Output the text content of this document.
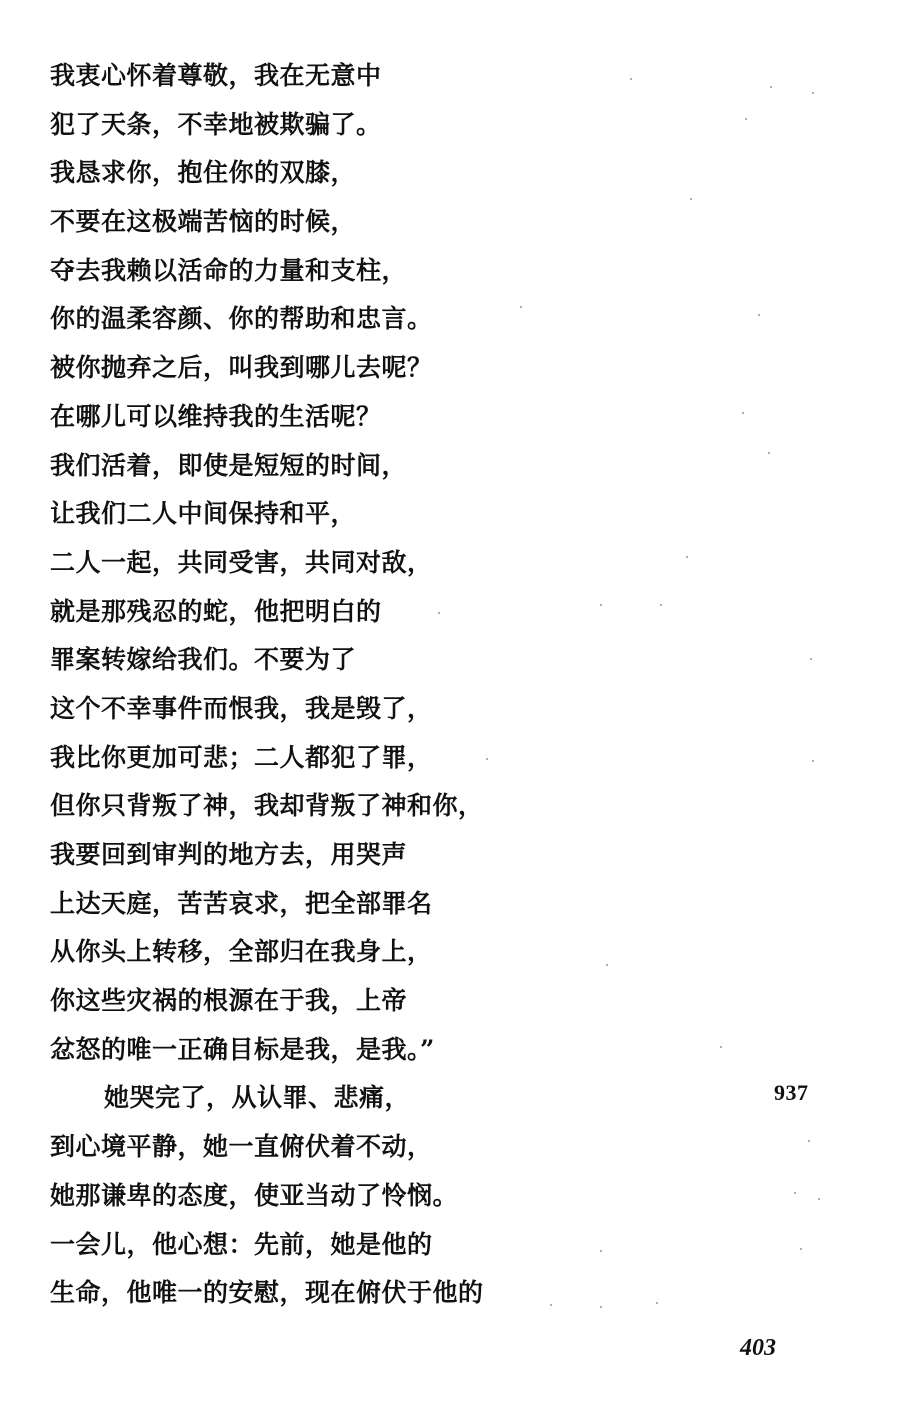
我衷心怀着尊敬，我在无意中
犯了天条，不幸地被欺骗了。
我恳求你，抱住你的双膝，
不要在这极端苦恼的时候，
夺去我赖以活命的力量和支柱，
你的温柔容颜、你的帮助和忠言。
被你抛弃之后，叫我到哪儿去呢？
在哪儿可以维持我的生活呢？
我们活着，即使是短短的时间，
让我们二人中间保持和平，
二人一起，共同受害，共同对敌，
就是那残忍的蛇，他把明白的
罪案转嫁给我们。不要为了
这个不幸事件而恨我，我是毁了，
我比你更加可悲；二人都犯了罪，
但你只背叛了神，我却背叛了神和你，
我要回到审判的地方去，用哭声
上达天庭，苦苦哀求，把全部罪名
从你头上转移，全部归在我身上，
你这些灾祸的根源在于我，上帝
忿怒的唯一正确目标是我，是我。”
她哭完了，从认罪、悲痛，
到心境平静，她一直俯伏着不动，
她那谦卑的态度，使亚当动了怜悯。
一会儿，他心想：先前，她是他的
生命，他唯一的安慰，现在俯伏于他的
937
403
